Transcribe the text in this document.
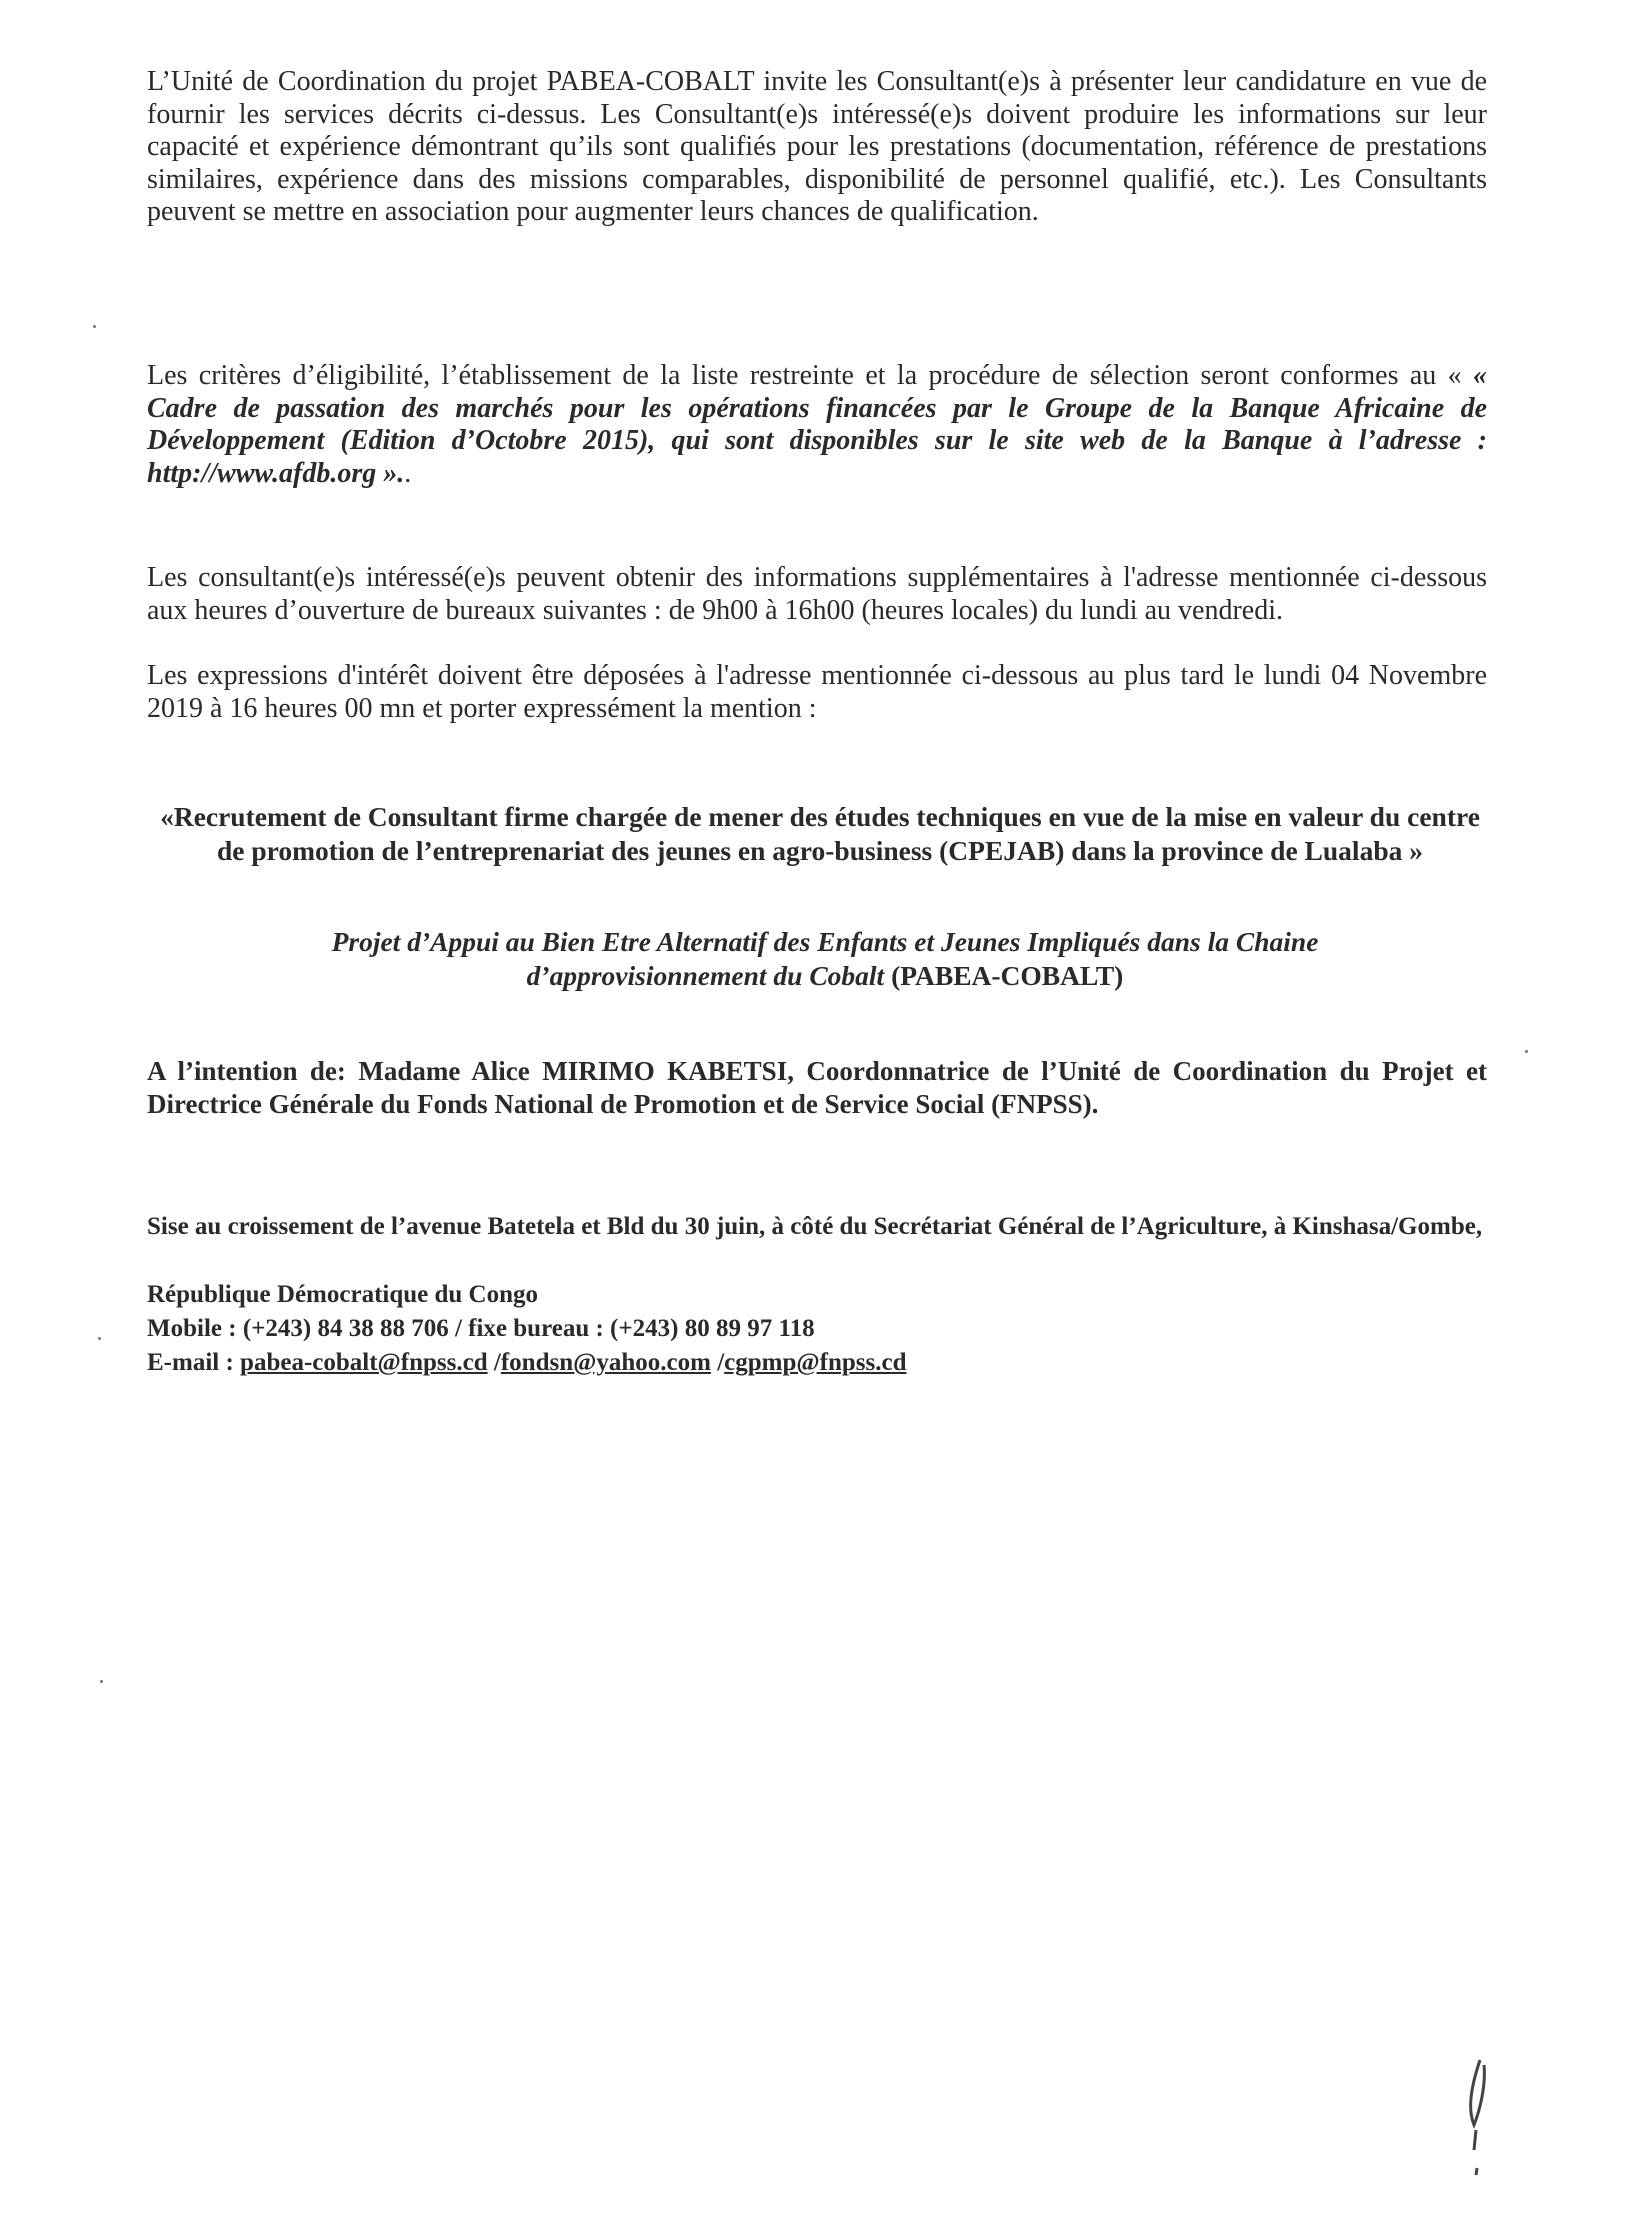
L’Unité de Coordination du projet PABEA-COBALT invite les Consultant(e)s à présenter leur candidature en vue de fournir les services décrits ci-dessus. Les Consultant(e)s intéressé(e)s doivent produire les informations sur leur capacité et expérience démontrant qu’ils sont qualifiés pour les prestations (documentation, référence de prestations similaires, expérience dans des missions comparables, disponibilité de personnel qualifié, etc.). Les Consultants peuvent se mettre en association pour augmenter leurs chances de qualification.
Les critères d’éligibilité, l’établissement de la liste restreinte et la procédure de sélection seront conformes au « « Cadre de passation des marchés pour les opérations financées par le Groupe de la Banque Africaine de Développement (Edition d’Octobre 2015), qui sont disponibles sur le site web de la Banque à l’adresse : http://www.afdb.org »..
Les consultant(e)s intéressé(e)s peuvent obtenir des informations supplémentaires à l'adresse mentionnée ci-dessous aux heures d’ouverture de bureaux suivantes : de 9h00 à 16h00 (heures locales) du lundi au vendredi.
Les expressions d'intérêt doivent être déposées à l'adresse mentionnée ci-dessous au plus tard le lundi 04 Novembre 2019 à 16 heures 00 mn et porter expressément la mention :
«Recrutement de Consultant firme chargée de mener des études techniques en vue de la mise en valeur du centre de promotion de l’entreprenariat des jeunes en agro-business (CPEJAB) dans la province de Lualaba »
Projet d’Appui au Bien Etre Alternatif des Enfants et Jeunes Impliqués dans la Chaine d’approvisionnement du Cobalt (PABEA-COBALT)
A l’intention de: Madame Alice MIRIMO KABETSI, Coordonnatrice de l’Unité de Coordination du Projet et Directrice Générale du Fonds National de Promotion et de Service Social (FNPSS).
Sise au croissement de l’avenue Batetela et Bld du 30 juin, à côté du Secrétariat Général de l’Agriculture, à Kinshasa/Gombe,
République Démocratique du Congo
Mobile : (+243) 84 38 88 706 / fixe bureau : (+243) 80 89 97 118
E-mail : pabea-cobalt@fnpss.cd /fondsn@yahoo.com /cgpmp@fnpss.cd
